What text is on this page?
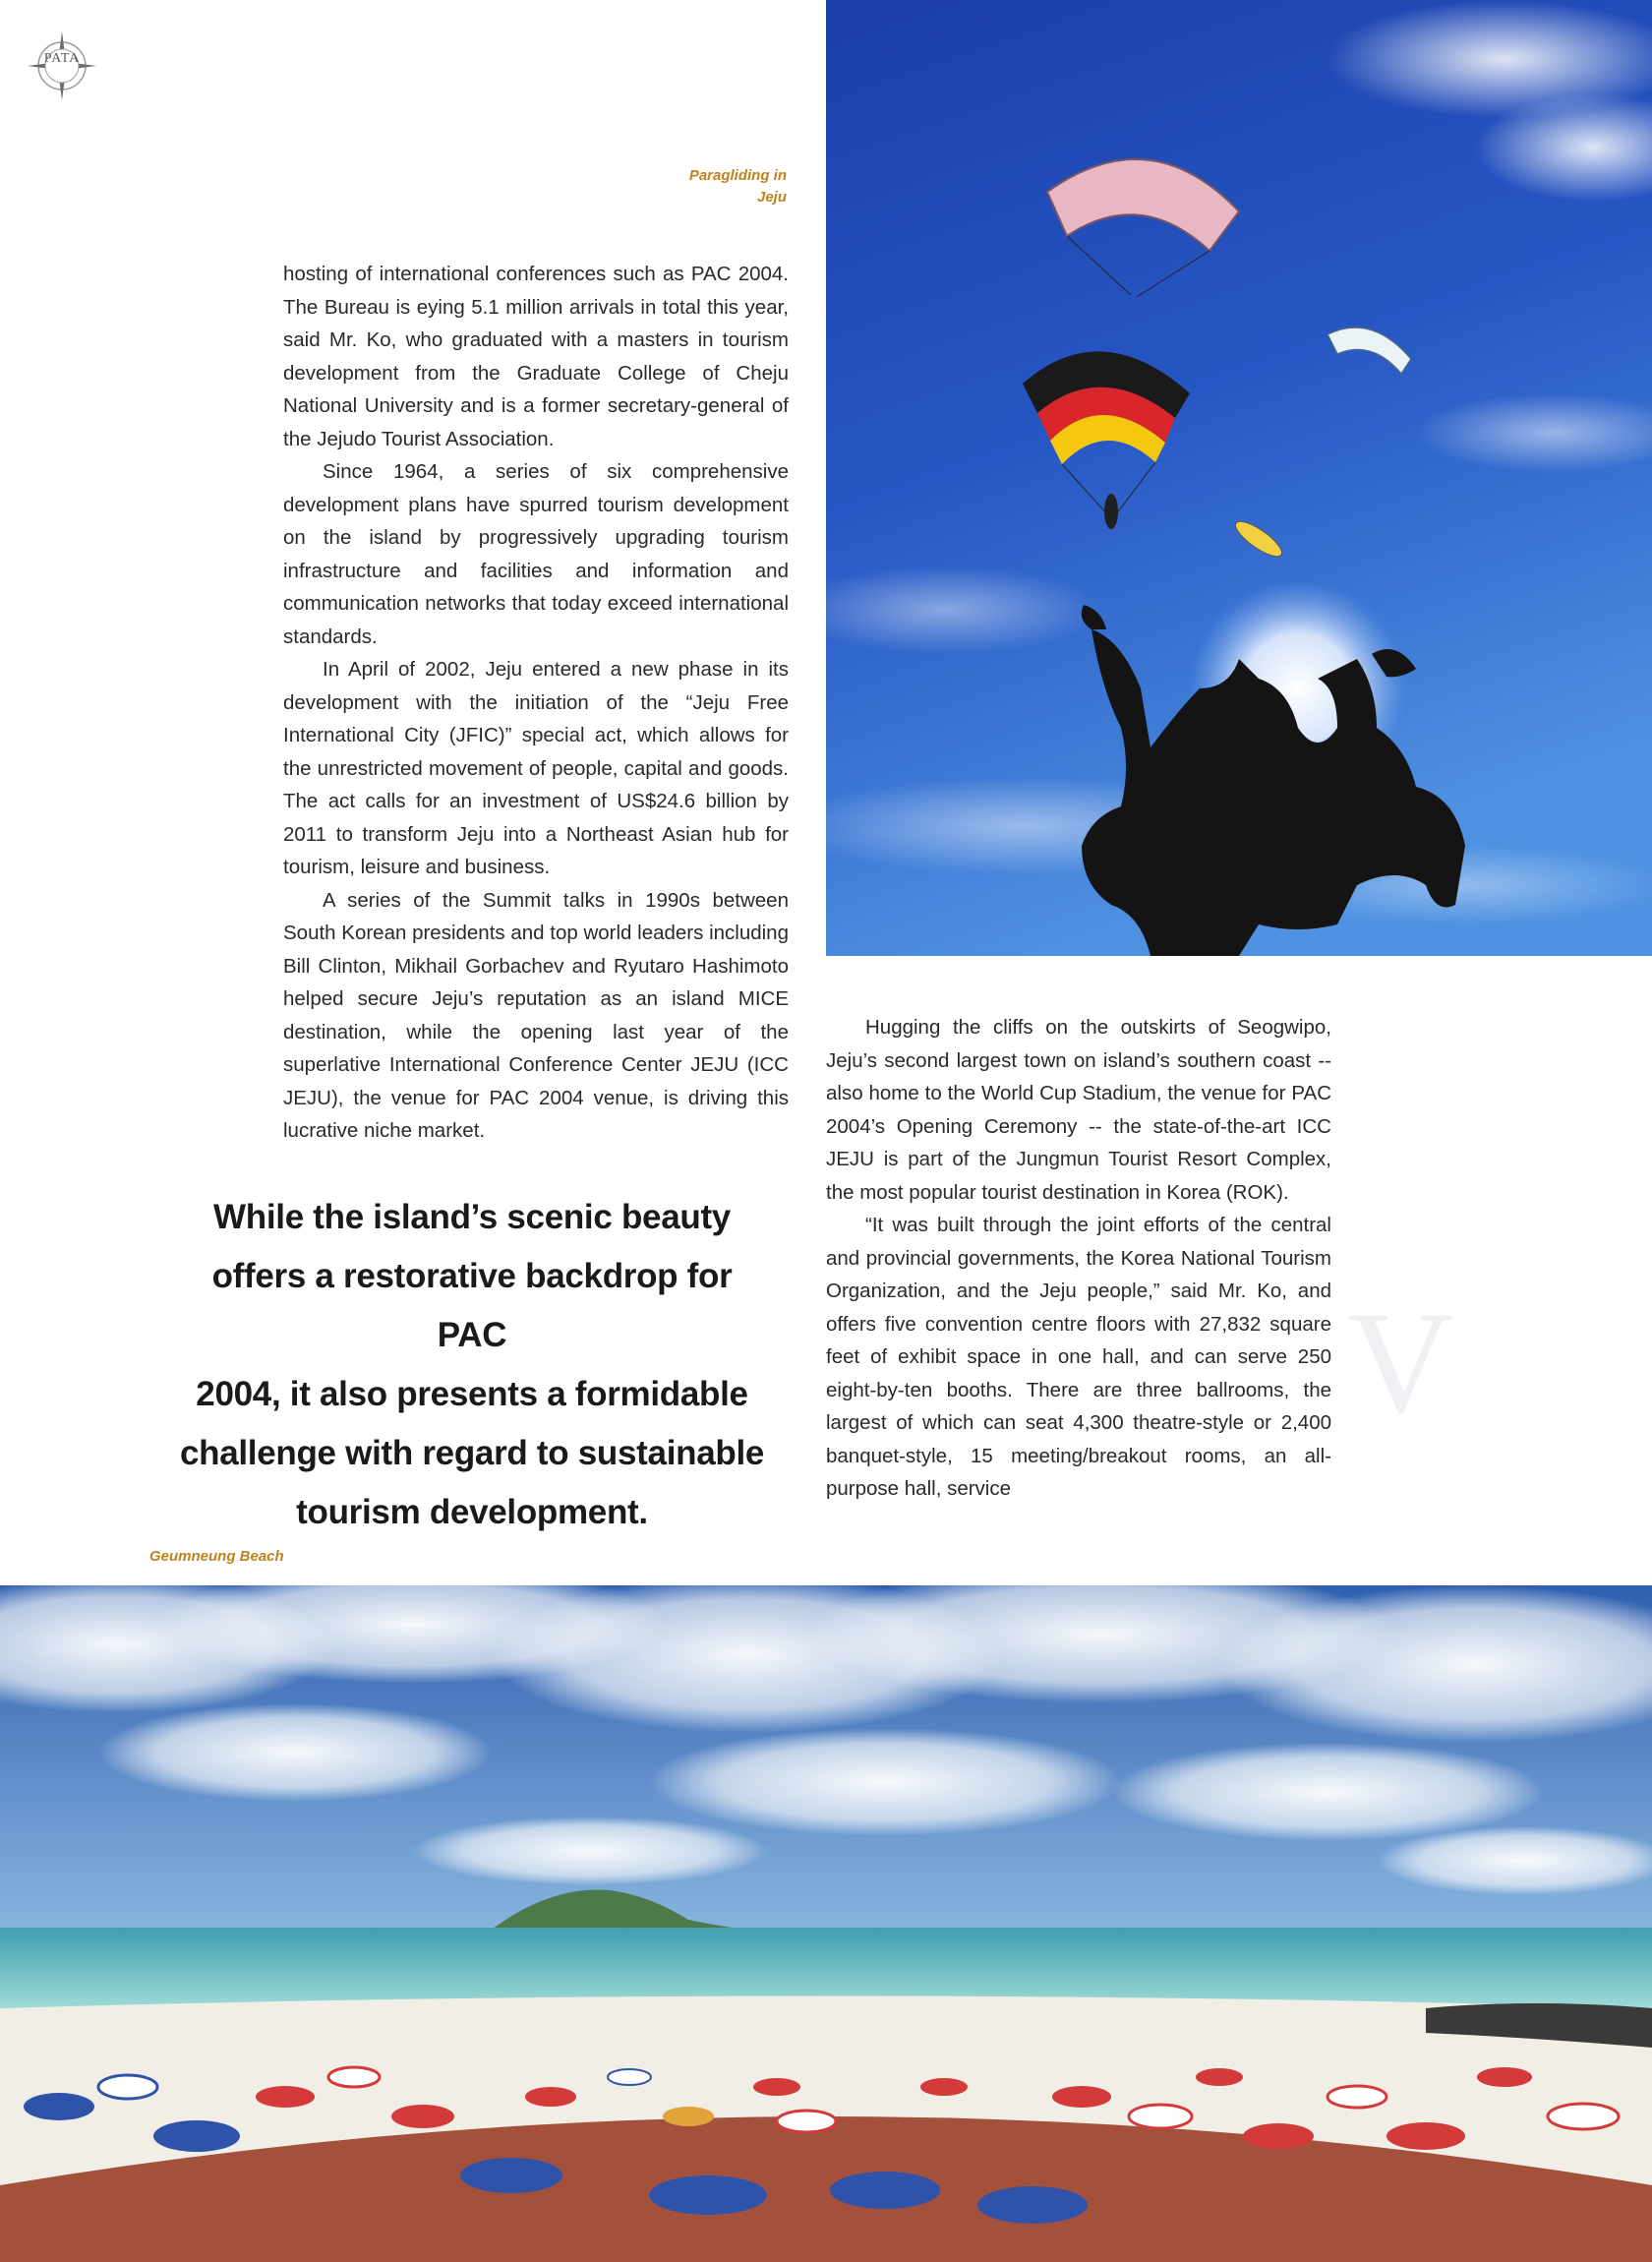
V
PATA
Paragliding in
Jeju

hosting of international conferences such as PAC 2004. The Bureau is eying 5.1 million arrivals in total this year, said Mr. Ko, who graduated with a masters in tourism development from the Graduate College of Cheju National University and is a former secretary-general of the Jejudo Tourist Association.

Since 1964, a series of six comprehensive development plans have spurred tourism development on the island by progressively upgrading tourism infrastructure and facilities and information and communication networks that today exceed international standards.

In April of 2002, Jeju entered a new phase in its development with the initiation of the “Jeju Free International City (JFIC)” special act, which allows for the unrestricted movement of people, capital and goods. The act calls for an investment of US$24.6 billion by 2011 to transform Jeju into a Northeast Asian hub for tourism, leisure and business.

A series of the Summit talks in 1990s between South Korean presidents and top world leaders including Bill Clinton, Mikhail Gorbachev and Ryutaro Hashimoto helped secure Jeju’s reputation as an island MICE destination, while the opening last year of the superlative International Conference Center JEJU (ICC JEJU), the venue for PAC 2004 venue, is driving this lucrative niche market.

Hugging the cliffs on the outskirts of Seogwipo, Jeju’s second largest town on island’s southern coast -- also home to the World Cup Stadium, the venue for PAC 2004’s Opening Ceremony -- the state-of-the-art ICC JEJU is part of the Jungmun Tourist Resort Complex, the most popular tourist destination in Korea (ROK).

“It was built through the joint efforts of the central and provincial governments, the Korea National Tourism Organization, and the Jeju people,” said Mr. Ko, and offers five convention centre floors with 27,832 square feet of exhibit space in one hall, and can serve 250 eight-by-ten booths. There are three ballrooms, the largest of which can seat 4,300 theatre-style or 2,400 banquet-style, 15 meeting/breakout rooms, an all-purpose hall, service

While the island’s scenic beauty
offers a restorative backdrop for PAC
2004, it also presents a formidable
challenge with regard to sustainable
tourism development.
Geumneung Beach
